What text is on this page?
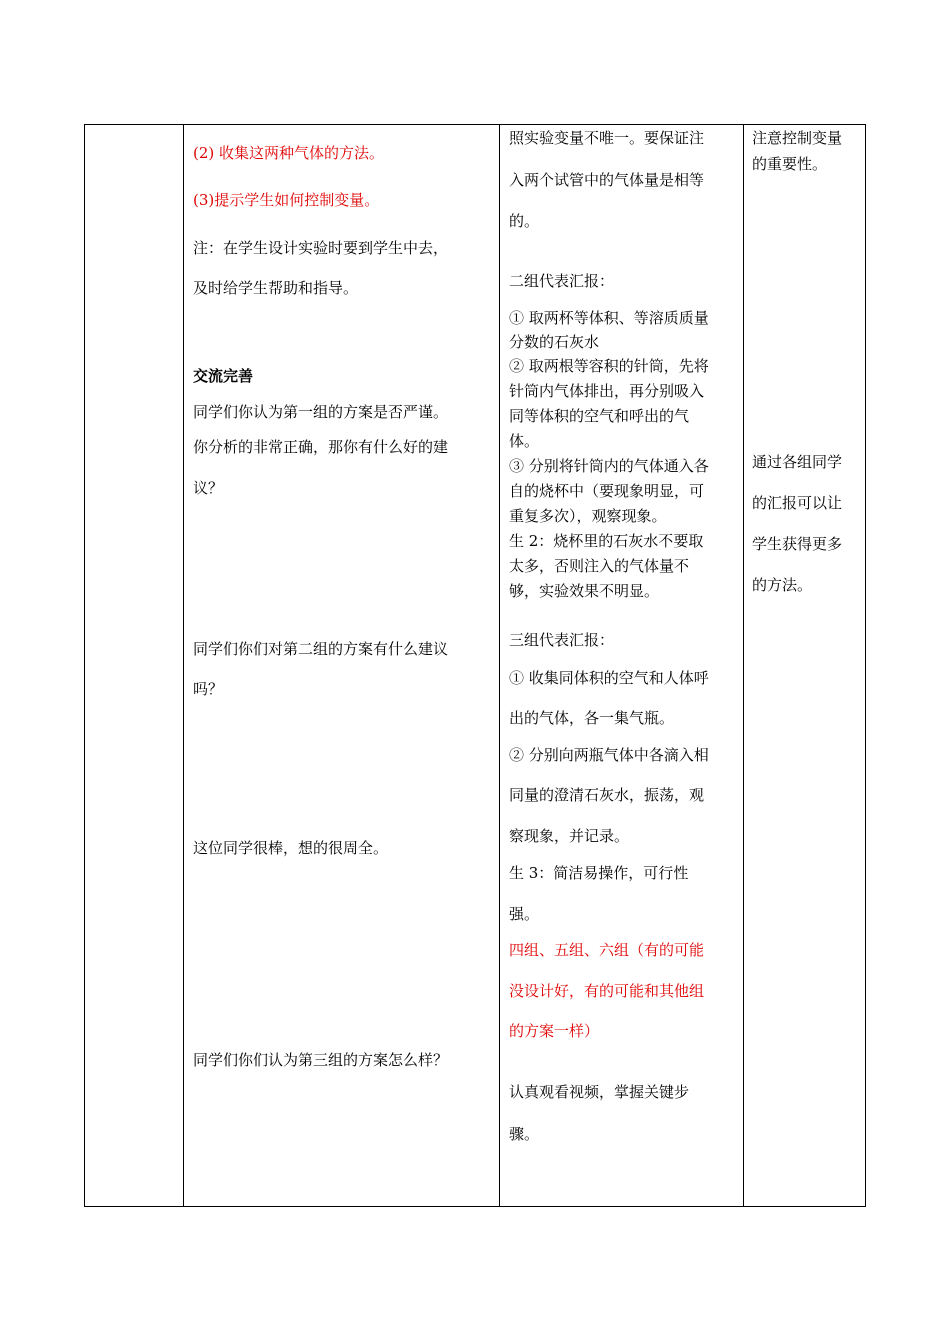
(2) 收集这两种气体的方法。
(3)提示学生如何控制变量。
注：在学生设计实验时要到学生中去，
及时给学生帮助和指导。
交流完善
同学们你认为第一组的方案是否严谨。
你分析的非常正确，那你有什么好的建
议？
同学们你们对第二组的方案有什么建议
吗？
这位同学很棒，想的很周全。
同学们你们认为第三组的方案怎么样？
照实验变量不唯一。要保证注
入两个试管中的气体量是相等
的。
二组代表汇报：
① 取两杯等体积、等溶质质量
分数的石灰水
② 取两根等容积的针筒，先将
针筒内气体排出，再分别吸入
同等体积的空气和呼出的气
体。
③ 分别将针筒内的气体通入各
自的烧杯中（要现象明显，可
重复多次），观察现象。
生 2：烧杯里的石灰水不要取
太多，否则注入的气体量不
够，实验效果不明显。
三组代表汇报：
① 收集同体积的空气和人体呼
出的气体，各一集气瓶。
② 分别向两瓶气体中各滴入相
同量的澄清石灰水，振荡，观
察现象，并记录。
生 3：简洁易操作，可行性
强。
四组、五组、六组（有的可能
没设计好，有的可能和其他组
的方案一样）
认真观看视频，掌握关键步
骤。
注意控制变量
的重要性。
通过各组同学
的汇报可以让
学生获得更多
的方法。
